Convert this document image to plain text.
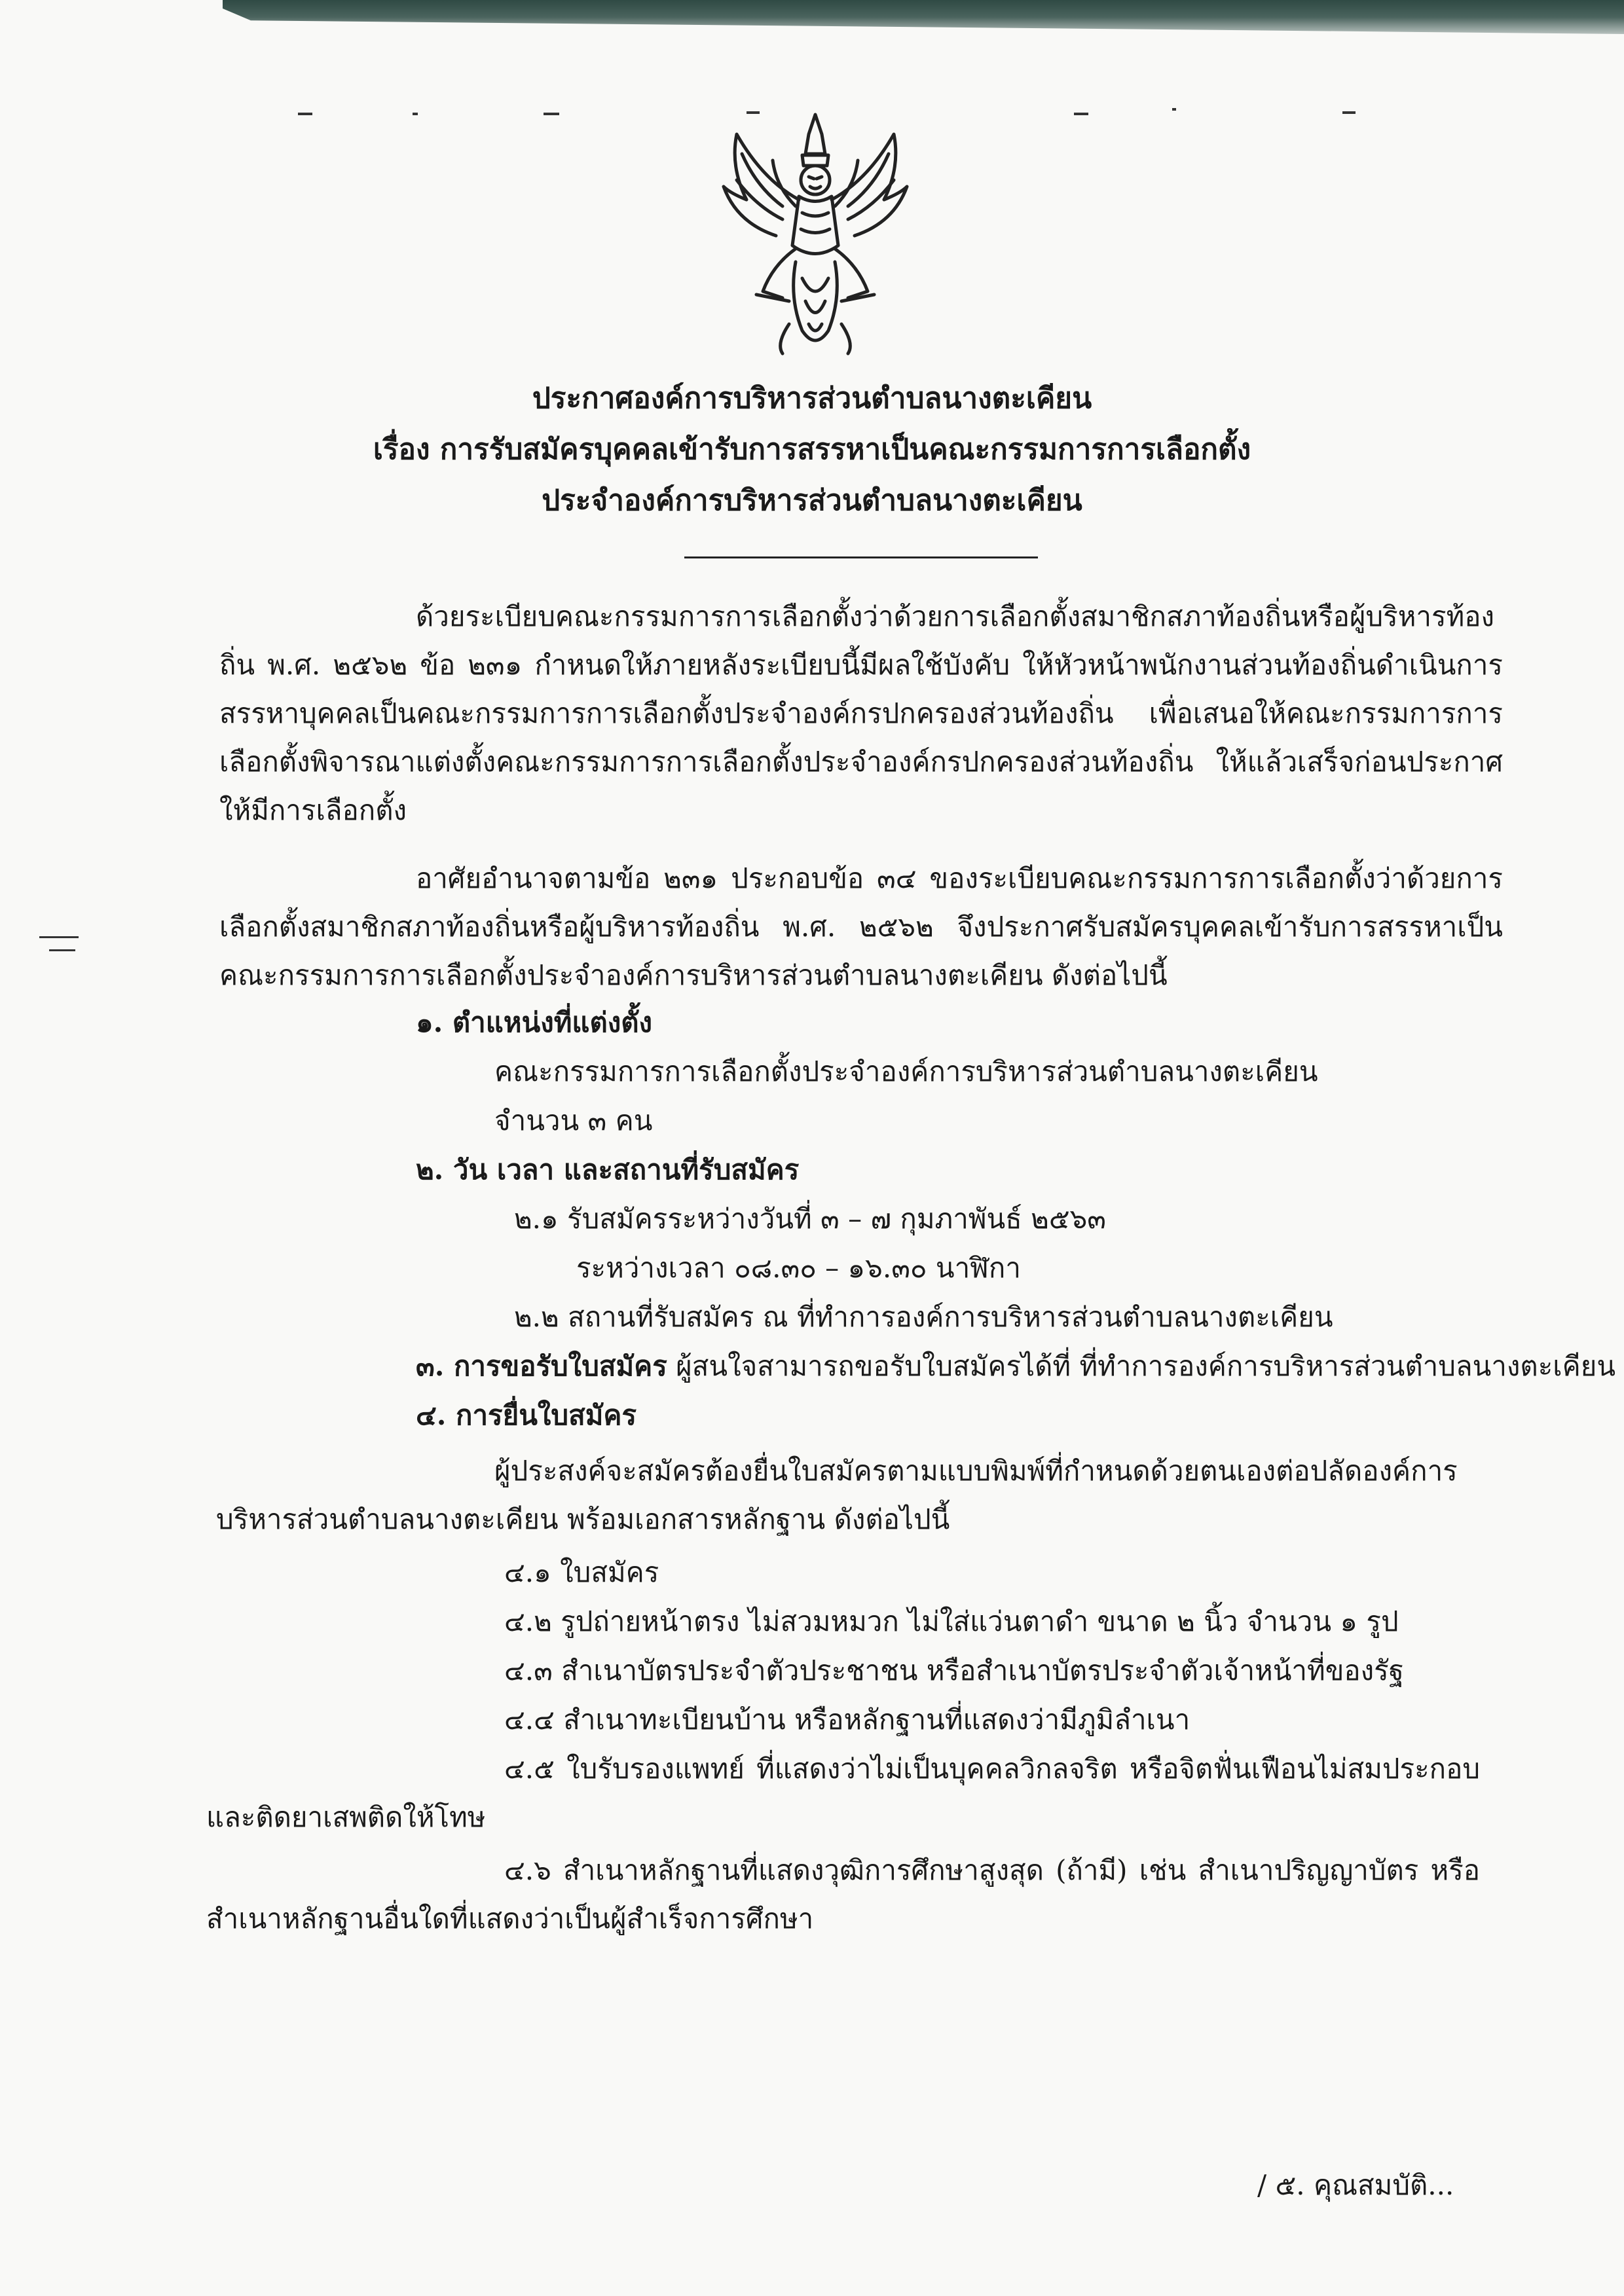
ประกาศองค์การบริหารส่วนตำบลนางตะเคียน
เรื่อง การรับสมัครบุคคลเข้ารับการสรรหาเป็นคณะกรรมการการเลือกตั้ง
ประจำองค์การบริหารส่วนตำบลนางตะเคียน
ด้วยระเบียบคณะกรรมการการเลือกตั้งว่าด้วยการเลือกตั้งสมาชิกสภาท้องถิ่นหรือผู้บริหารท้องถิ่น พ.ศ. ๒๕๖๒ ข้อ ๒๓๑ กำหนดให้ภายหลังระเบียบนี้มีผลใช้บังคับ ให้หัวหน้าพนักงานส่วนท้องถิ่นดำเนินการสรรหาบุคคลเป็นคณะกรรมการการเลือกตั้งประจำองค์กรปกครองส่วนท้องถิ่น เพื่อเสนอให้คณะกรรมการการเลือกตั้งพิจารณาแต่งตั้งคณะกรรมการการเลือกตั้งประจำองค์กรปกครองส่วนท้องถิ่น ให้แล้วเสร็จก่อนประกาศให้มีการเลือกตั้ง
อาศัยอำนาจตามข้อ ๒๓๑ ประกอบข้อ ๓๔ ของระเบียบคณะกรรมการการเลือกตั้งว่าด้วยการเลือกตั้งสมาชิกสภาท้องถิ่นหรือผู้บริหารท้องถิ่น พ.ศ. ๒๕๖๒ จึงประกาศรับสมัครบุคคลเข้ารับการสรรหาเป็นคณะกรรมการการเลือกตั้งประจำองค์การบริหารส่วนตำบลนางตะเคียน ดังต่อไปนี้
๑. ตำแหน่งที่แต่งตั้ง
คณะกรรมการการเลือกตั้งประจำองค์การบริหารส่วนตำบลนางตะเคียน
จำนวน ๓ คน
๒. วัน เวลา และสถานที่รับสมัคร
๒.๑ รับสมัครระหว่างวันที่ ๓ – ๗ กุมภาพันธ์ ๒๕๖๓
ระหว่างเวลา ๐๘.๓๐ – ๑๖.๓๐ นาฬิกา
๒.๒ สถานที่รับสมัคร ณ ที่ทำการองค์การบริหารส่วนตำบลนางตะเคียน
๓. การขอรับใบสมัคร ผู้สนใจสามารถขอรับใบสมัครได้ที่ ที่ทำการองค์การบริหารส่วนตำบลนางตะเคียน
๔. การยื่นใบสมัคร
ผู้ประสงค์จะสมัครต้องยื่นใบสมัครตามแบบพิมพ์ที่กำหนดด้วยตนเองต่อปลัดองค์การบริหารส่วนตำบลนางตะเคียน พร้อมเอกสารหลักฐาน ดังต่อไปนี้
๔.๑ ใบสมัคร
๔.๒ รูปถ่ายหน้าตรง ไม่สวมหมวก ไม่ใส่แว่นตาดำ ขนาด ๒ นิ้ว จำนวน ๑ รูป
๔.๓ สำเนาบัตรประจำตัวประชาชน หรือสำเนาบัตรประจำตัวเจ้าหน้าที่ของรัฐ
๔.๔ สำเนาทะเบียนบ้าน หรือหลักฐานที่แสดงว่ามีภูมิลำเนา
๔.๕ ใบรับรองแพทย์ ที่แสดงว่าไม่เป็นบุคคลวิกลจริต หรือจิตฟั่นเฟือนไม่สมประกอบและติดยาเสพติดให้โทษ
๔.๖ สำเนาหลักฐานที่แสดงวุฒิการศึกษาสูงสุด (ถ้ามี) เช่น สำเนาปริญญาบัตร หรือสำเนาหลักฐานอื่นใดที่แสดงว่าเป็นผู้สำเร็จการศึกษา
/ ๕. คุณสมบัติ...
